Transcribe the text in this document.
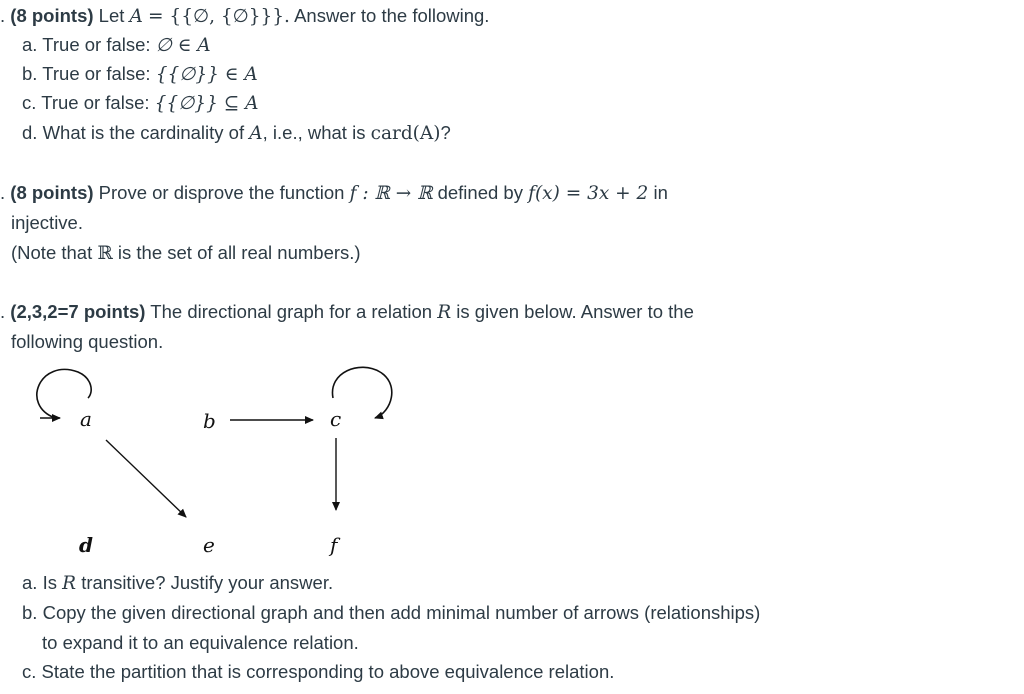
. (8 points) Let A = {{∅, {∅}}}. Answer to the following.
a. True or false: ∅ ∈ A
b. True or false: {{∅}} ∈ A
c. True or false: {{∅}} ⊆ A
d. What is the cardinality of A, i.e., what is card(A)?
. (8 points) Prove or disprove the function f : ℝ → ℝ defined by f(x) = 3x + 2 in
injective.
(Note that ℝ is the set of all real numbers.)
. (2,3,2=7 points) The directional graph for a relation R is given below. Answer to the
following question.
a	b	c
d	e	f
a. Is R transitive? Justify your answer.
b. Copy the given directional graph and then add minimal number of arrows (relationships)
to expand it to an equivalence relation.
c. State the partition that is corresponding to above equivalence relation.
